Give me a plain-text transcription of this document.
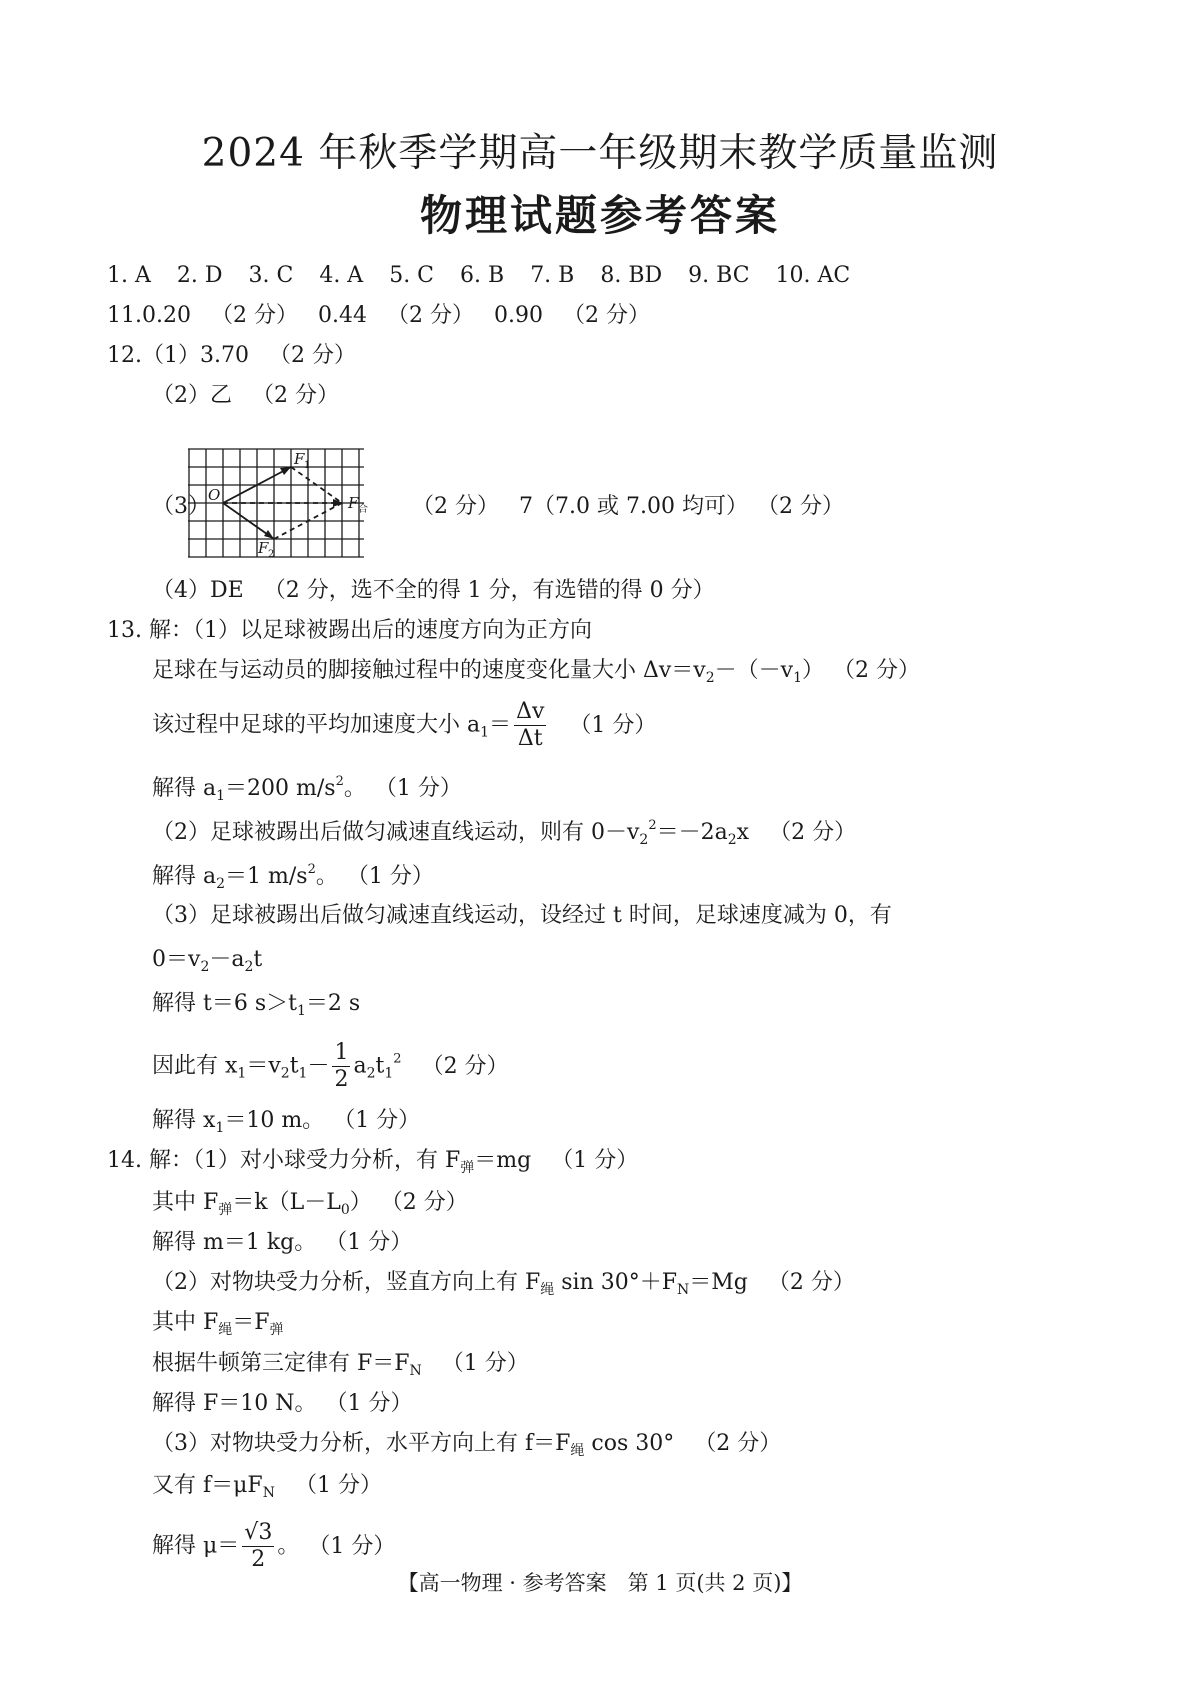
2024 年秋季学期高一年级期末教学质量监测
物理试题参考答案
1. A 2. D 3. C 4. A 5. C 6. B 7. B 8. BD 9. BC 10. AC
11.0.20 （2 分） 0.44 （2 分） 0.90 （2 分）
12.（1）3.70 （2 分）
（2）乙 （2 分）
（3）
O
F 1
F 2
F 合 （2 分） 7（7.0 或 7.00 均可） （2 分）
（4）DE （2 分，选不全的得 1 分，有选错的得 0 分）
13. 解：（1）以足球被踢出后的速度方向为正方向
足球在与运动员的脚接触过程中的速度变化量大小 $\Delta v=v_2-(-v_1)$ （2 分）
该过程中足球的平均加速度大小 $a_1= \frac{\Delta v}{\Delta t} (1$ 分）
解得 $a_1=200$ $m/s^2$。 （1 分）
（2）足球被踢出后做匀减速直线运动，则有 $0-v_2^2=-2a_2x$ （2 分）
解得 $a_2=1$ $m/s^2$。 （1 分）
（3）足球被踢出后做匀减速直线运动，设经过 t 时间，足球速度减为 0，有
$0=v_2-a_2t$
解得 t＝6 $s>t_1=2$ s
因此有 $x_1=v_2t_1- \frac{1}{2} a_2t_1^2$ （2 分）
解得 $x_1=10$ m。 （1 分）
14. 解：（1）对小球受力分析，有 $F_弹=mg$ （1 分）
其中 $F_弹=k(L-L_0)$ （2 分）
解得 m＝1 kg。 （1 分）
（2）对物块受力分析，竖直方向上有 $F_绳$ $\sin 30^\circ+F_N=Mg$ （2 分）
其中 $F_绳=F_弹$
根据牛顿第三定律有 $F=F_N$ （1 分）
解得 F＝10 N。 （1 分）
（3）对物块受力分析，水平方向上有 $f=F_绳$ cos 30° （2 分）
又有 $f=\mu F_N$ （1 分）
解得 $\mu= \frac{√3}{2}$ 。 （1 分）
【高一物理 · 参考答案　第 1 页(共 2 页)】
